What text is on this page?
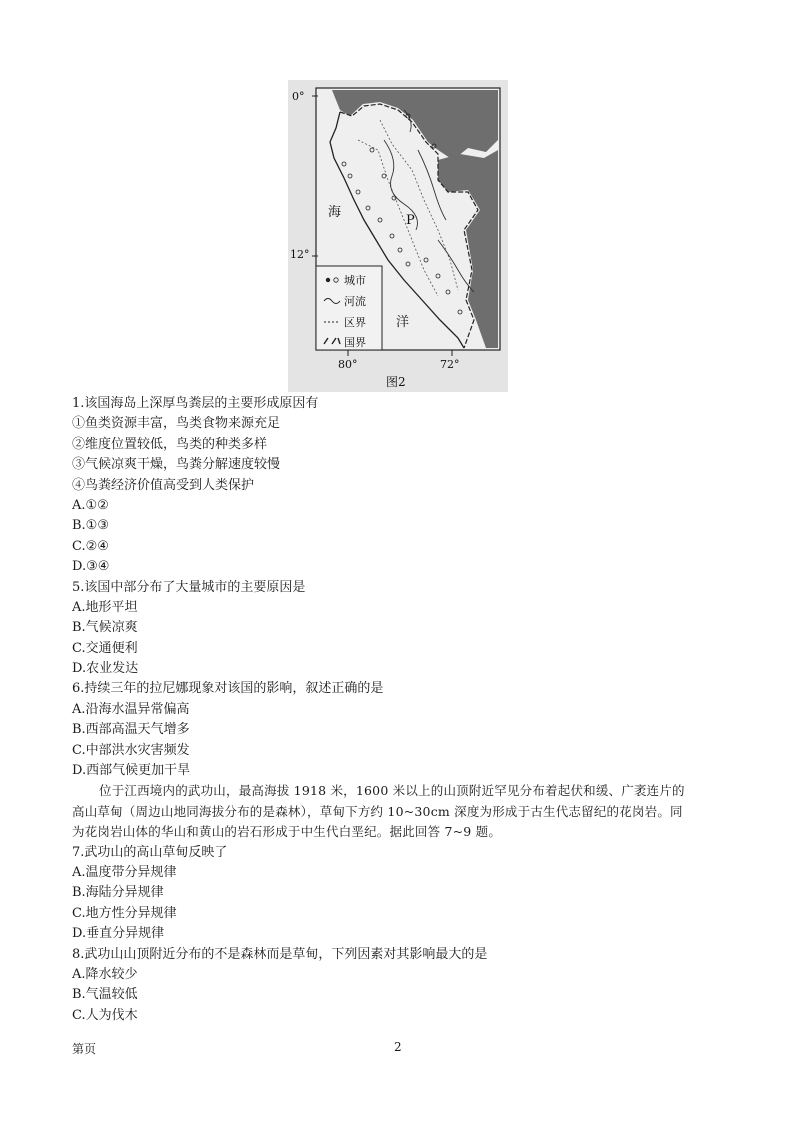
0°
12°
海
洋
P
城市
河流
区界
国界
80°	72°
图2
1.该国海岛上深厚鸟粪层的主要形成原因有
①鱼类资源丰富，鸟类食物来源充足
②维度位置较低，鸟类的种类多样
③气候凉爽干燥，鸟粪分解速度较慢
④鸟粪经济价值高受到人类保护
A.①②
B.①③
C.②④
D.③④
5.该国中部分布了大量城市的主要原因是
A.地形平坦
B.气候凉爽
C.交通便利
D.农业发达
6.持续三年的拉尼娜现象对该国的影响，叙述正确的是
A.沿海水温异常偏高
B.西部高温天气增多
C.中部洪水灾害频发
D.西部气候更加干旱
位于江西境内的武功山，最高海拔 1918 米，1600 米以上的山顶附近罕见分布着起伏和缓、广袤连片的
高山草甸（周边山地同海拔分布的是森林），草甸下方约 10~30cm 深度为形成于古生代志留纪的花岗岩。同
为花岗岩山体的华山和黄山的岩石形成于中生代白垩纪。据此回答 7~9 题。
7.武功山的高山草甸反映了
A.温度带分异规律
B.海陆分异规律
C.地方性分异规律
D.垂直分异规律
8.武功山山顶附近分布的不是森林而是草甸，下列因素对其影响最大的是
A.降水较少
B.气温较低
C.人为伐木
第页	2
